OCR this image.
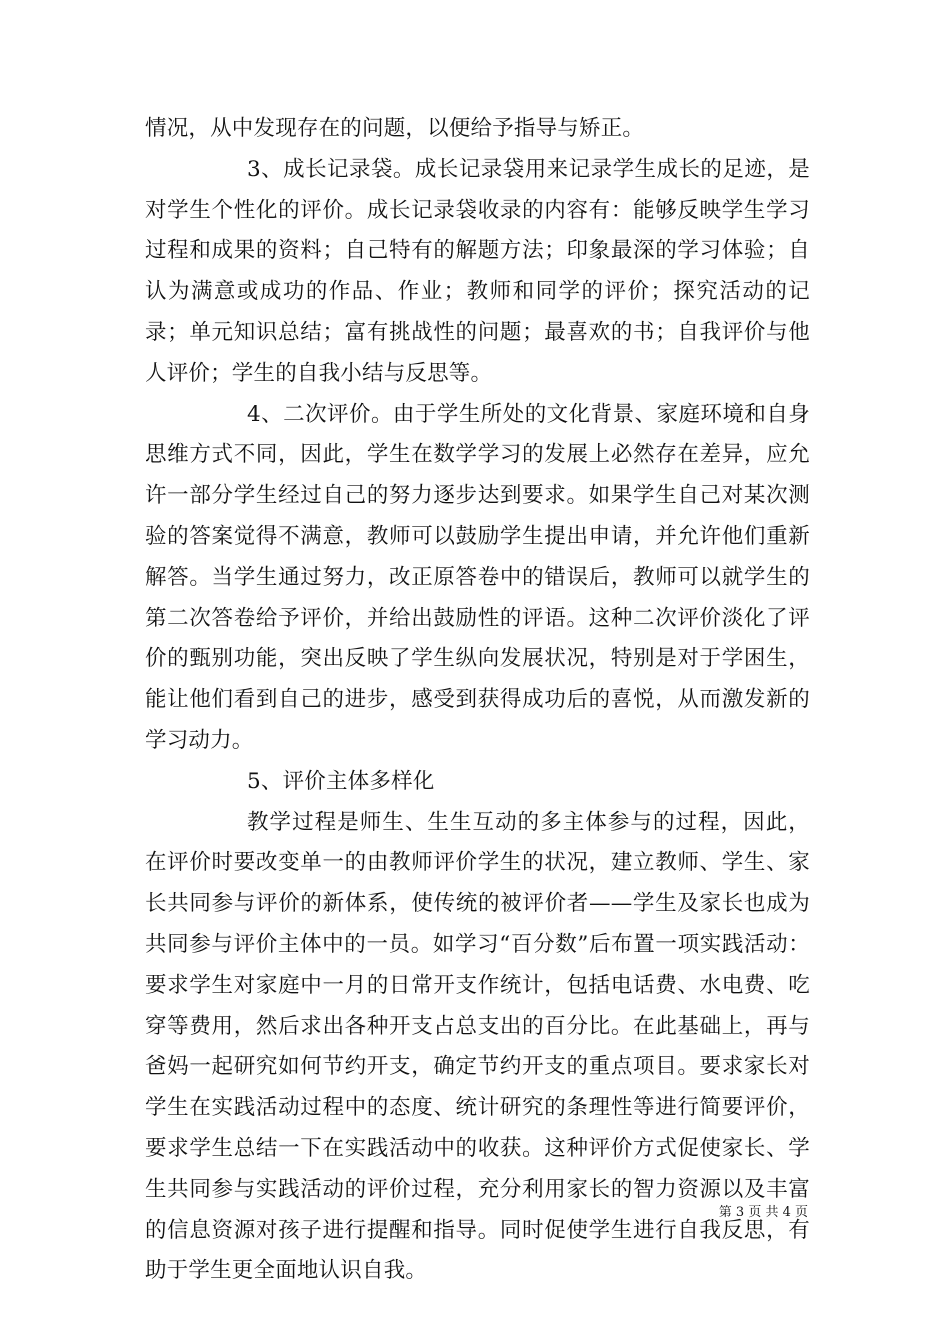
情况，从中发现存在的问题，以便给予指导与矫正。

3、成长记录袋。成长记录袋用来记录学生成长的足迹，是对学生个性化的评价。成长记录袋收录的内容有：能够反映学生学习过程和成果的资料；自己特有的解题方法；印象最深的学习体验；自认为满意或成功的作品、作业；教师和同学的评价；探究活动的记录；单元知识总结；富有挑战性的问题；最喜欢的书；自我评价与他人评价；学生的自我小结与反思等。

4、二次评价。由于学生所处的文化背景、家庭环境和自身思维方式不同，因此，学生在数学学习的发展上必然存在差异，应允许一部分学生经过自己的努力逐步达到要求。如果学生自己对某次测验的答案觉得不满意，教师可以鼓励学生提出申请，并允许他们重新解答。当学生通过努力，改正原答卷中的错误后，教师可以就学生的第二次答卷给予评价，并给出鼓励性的评语。这种二次评价淡化了评价的甄别功能，突出反映了学生纵向发展状况，特别是对于学困生，能让他们看到自己的进步，感受到获得成功后的喜悦，从而激发新的学习动力。

5、评价主体多样化

教学过程是师生、生生互动的多主体参与的过程，因此，在评价时要改变单一的由教师评价学生的状况，建立教师、学生、家长共同参与评价的新体系，使传统的被评价者——学生及家长也成为共同参与评价主体中的一员。如学习“百分数”后布置一项实践活动：要求学生对家庭中一月的日常开支作统计，包括电话费、水电费、吃穿等费用，然后求出各种开支占总支出的百分比。在此基础上，再与爸妈一起研究如何节约开支，确定节约开支的重点项目。要求家长对学生在实践活动过程中的态度、统计研究的条理性等进行简要评价，要求学生总结一下在实践活动中的收获。这种评价方式促使家长、学生共同参与实践活动的评价过程，充分利用家长的智力资源以及丰富的信息资源对孩子进行提醒和指导。同时促使学生进行自我反思，有助于学生更全面地认识自我。

第 3 页 共 4 页
